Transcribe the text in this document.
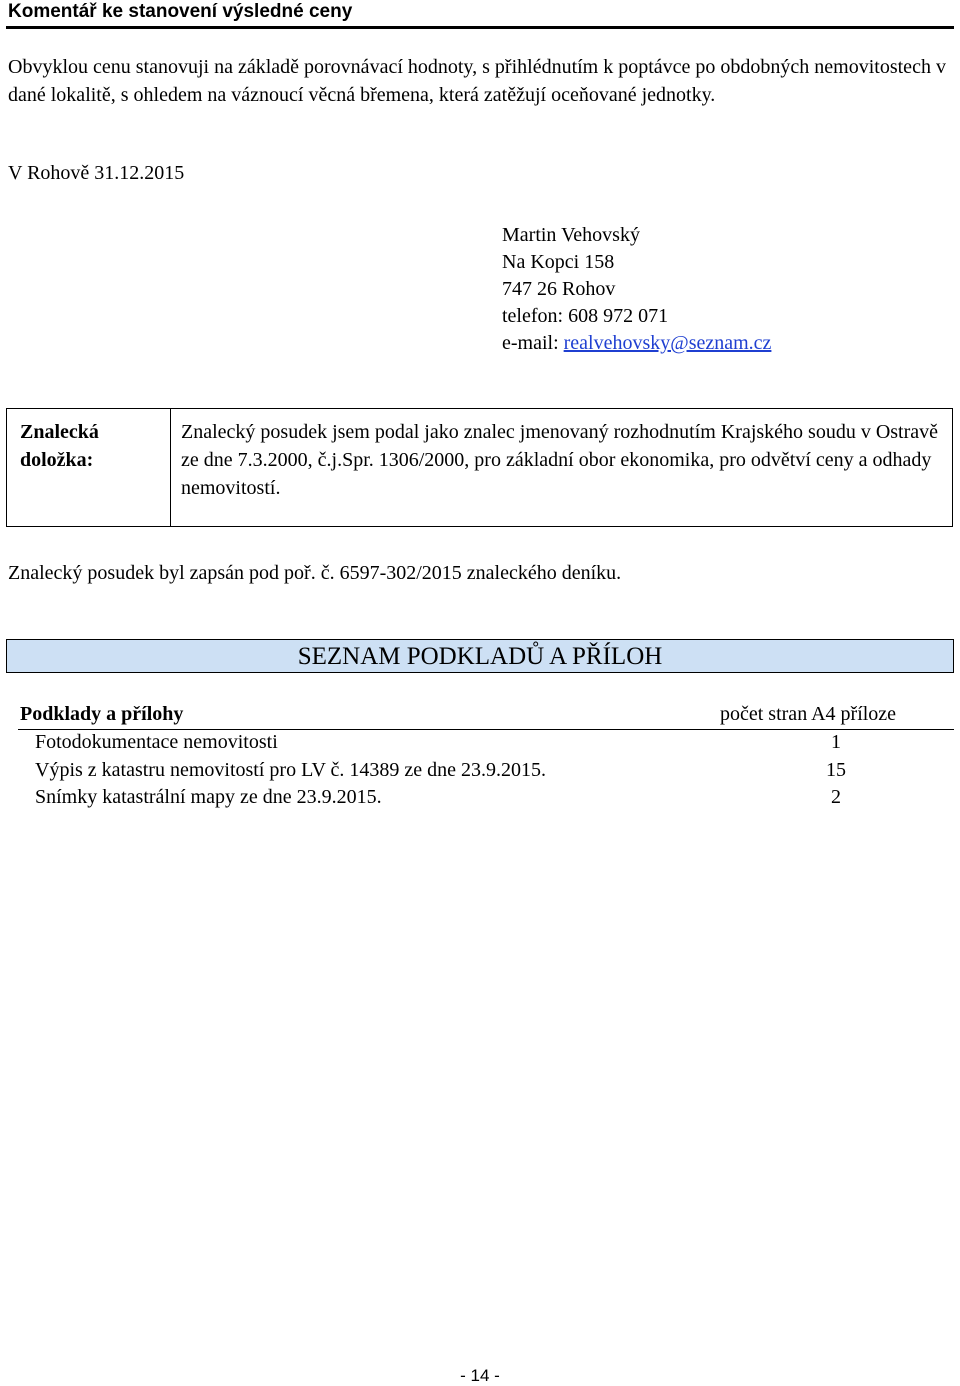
Komentář ke stanovení výsledné ceny
Obvyklou cenu stanovuji na základě porovnávací hodnoty, s přihlédnutím k poptávce po obdobných nemovitostech v dané lokalitě, s ohledem na váznoucí věcná břemena, která zatěžují oceňované jednotky.
V Rohově 31.12.2015
Martin Vehovský
Na Kopci 158
747 26 Rohov
telefon: 608 972 071
e-mail: realvehovsky@seznam.cz
Znalecká doložka:
Znalecký posudek jsem podal jako znalec jmenovaný rozhodnutím Krajského soudu v Ostravě ze dne 7.3.2000, č.j.Spr. 1306/2000, pro základní obor ekonomika, pro odvětví ceny a odhady nemovitostí.
Znalecký posudek byl zapsán pod poř. č. 6597-302/2015 znaleckého deníku.
SEZNAM PODKLADŮ A PŘÍLOH
Podklady a přílohy	počet stran A4 příloze
Fotodokumentace nemovitosti	1
Výpis z katastru nemovitostí pro LV č. 14389 ze dne 23.9.2015.	15
Snímky katastrální mapy ze dne 23.9.2015.	2
- 14 -
